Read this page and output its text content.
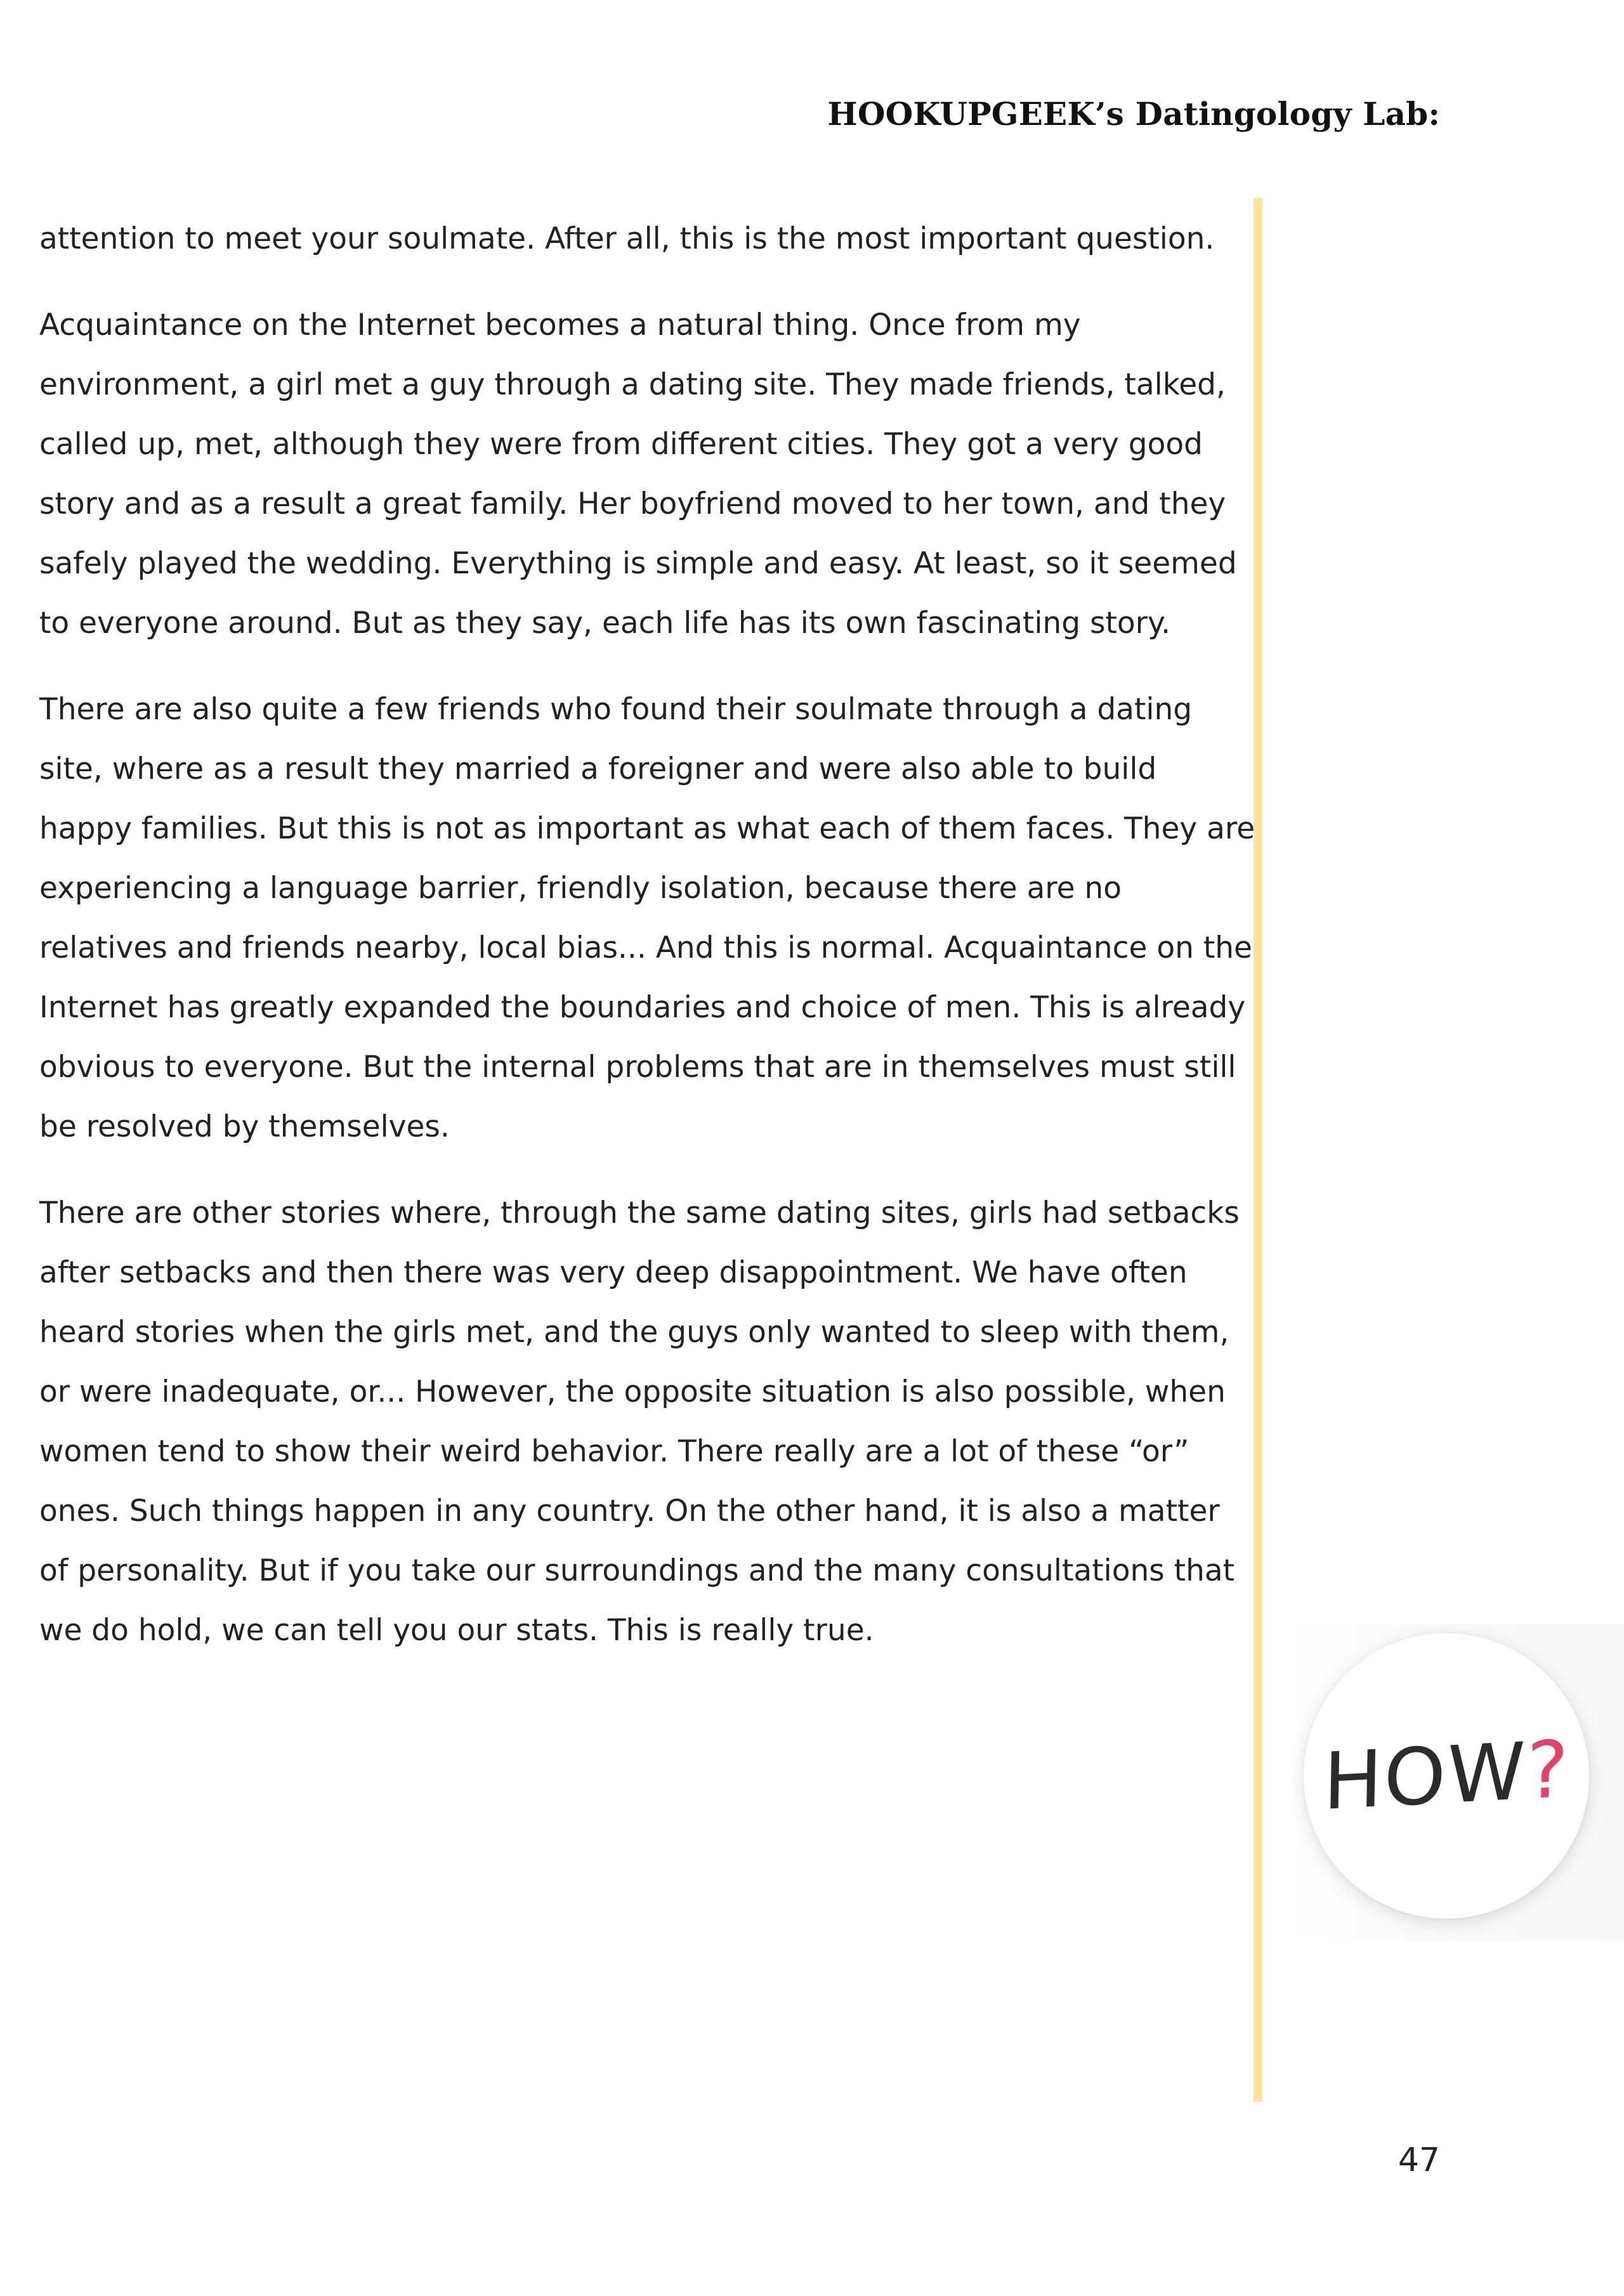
HOOKUPGEEK’s Datingology Lab:

attention to meet your soulmate. After all, this is the most important question.

Acquaintance on the Internet becomes a natural thing. Once from my environment, a girl met a guy through a dating site. They made friends, talked, called up, met, although they were from different cities. They got a very good story and as a result a great family. Her boyfriend moved to her town, and they safely played the wedding. Everything is simple and easy. At least, so it seemed to everyone around. But as they say, each life has its own fascinating story.

There are also quite a few friends who found their soulmate through a dating site, where as a result they married a foreigner and were also able to build happy families. But this is not as important as what each of them faces. They are experiencing a language barrier, friendly isolation, because there are no relatives and friends nearby, local bias... And this is normal. Acquaintance on the Internet has greatly expanded the boundaries and choice of men. This is already obvious to everyone. But the internal problems that are in themselves must still be resolved by themselves.

There are other stories where, through the same dating sites, girls had setbacks after setbacks and then there was very deep disappointment. We have often heard stories when the girls met, and the guys only wanted to sleep with them, or were inadequate, or... However, the opposite situation is also possible, when women tend to show their weird behavior. There really are a lot of these “or” ones. Such things happen in any country. On the other hand, it is also a matter of personality. But if you take our surroundings and the many consultations that we do hold, we can tell you our stats. This is really true.

HOW
?
47
